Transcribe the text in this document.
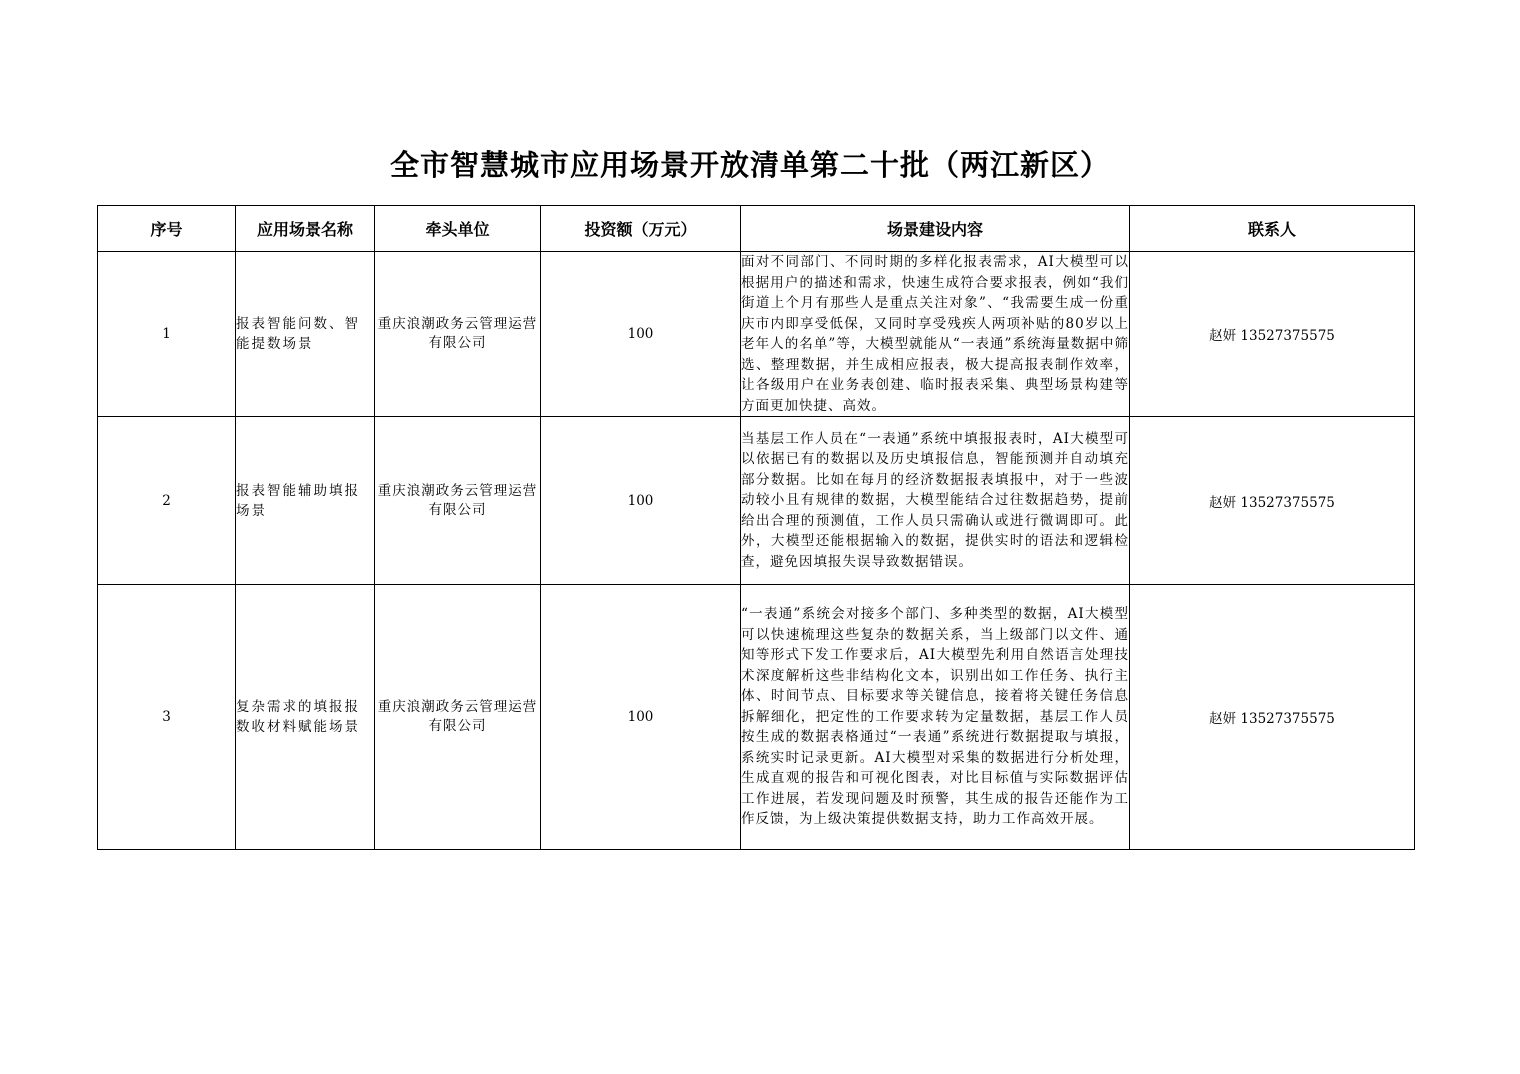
全市智慧城市应用场景开放清单第二十批（两江新区）
序号	应用场景名称	牵头单位	投资额（万元）	场景建设内容	联系人
1	报表智能问数、智能提数场景	重庆浪潮政务云管理运营有限公司	100	面对不同部门、不同时期的多样化报表需求，AI大模型可以根据用户的描述和需求，快速生成符合要求报表，例如“我们街道上个月有那些人是重点关注对象”、“我需要生成一份重庆市内即享受低保，又同时享受残疾人两项补贴的80岁以上老年人的名单”等，大模型就能从“一表通”系统海量数据中筛选、整理数据，并生成相应报表，极大提高报表制作效率，让各级用户在业务表创建、临时报表采集、典型场景构建等方面更加快捷、高效。	赵妍 13527375575
2	报表智能辅助填报场景	重庆浪潮政务云管理运营有限公司	100	当基层工作人员在“一表通”系统中填报报表时，AI大模型可以依据已有的数据以及历史填报信息，智能预测并自动填充部分数据。比如在每月的经济数据报表填报中，对于一些波动较小且有规律的数据，大模型能结合过往数据趋势，提前给出合理的预测值，工作人员只需确认或进行微调即可。此外，大模型还能根据输入的数据，提供实时的语法和逻辑检查，避免因填报失误导致数据错误。	赵妍 13527375575
3	复杂需求的填报报数收材料赋能场景	重庆浪潮政务云管理运营有限公司	100	“一表通”系统会对接多个部门、多种类型的数据，AI大模型可以快速梳理这些复杂的数据关系，当上级部门以文件、通知等形式下发工作要求后，AI大模型先利用自然语言处理技术深度解析这些非结构化文本，识别出如工作任务、执行主体、时间节点、目标要求等关键信息，接着将关键任务信息拆解细化，把定性的工作要求转为定量数据，基层工作人员按生成的数据表格通过“一表通”系统进行数据提取与填报，系统实时记录更新。AI大模型对采集的数据进行分析处理，生成直观的报告和可视化图表，对比目标值与实际数据评估工作进展，若发现问题及时预警，其生成的报告还能作为工作反馈，为上级决策提供数据支持，助力工作高效开展。	赵妍 13527375575
